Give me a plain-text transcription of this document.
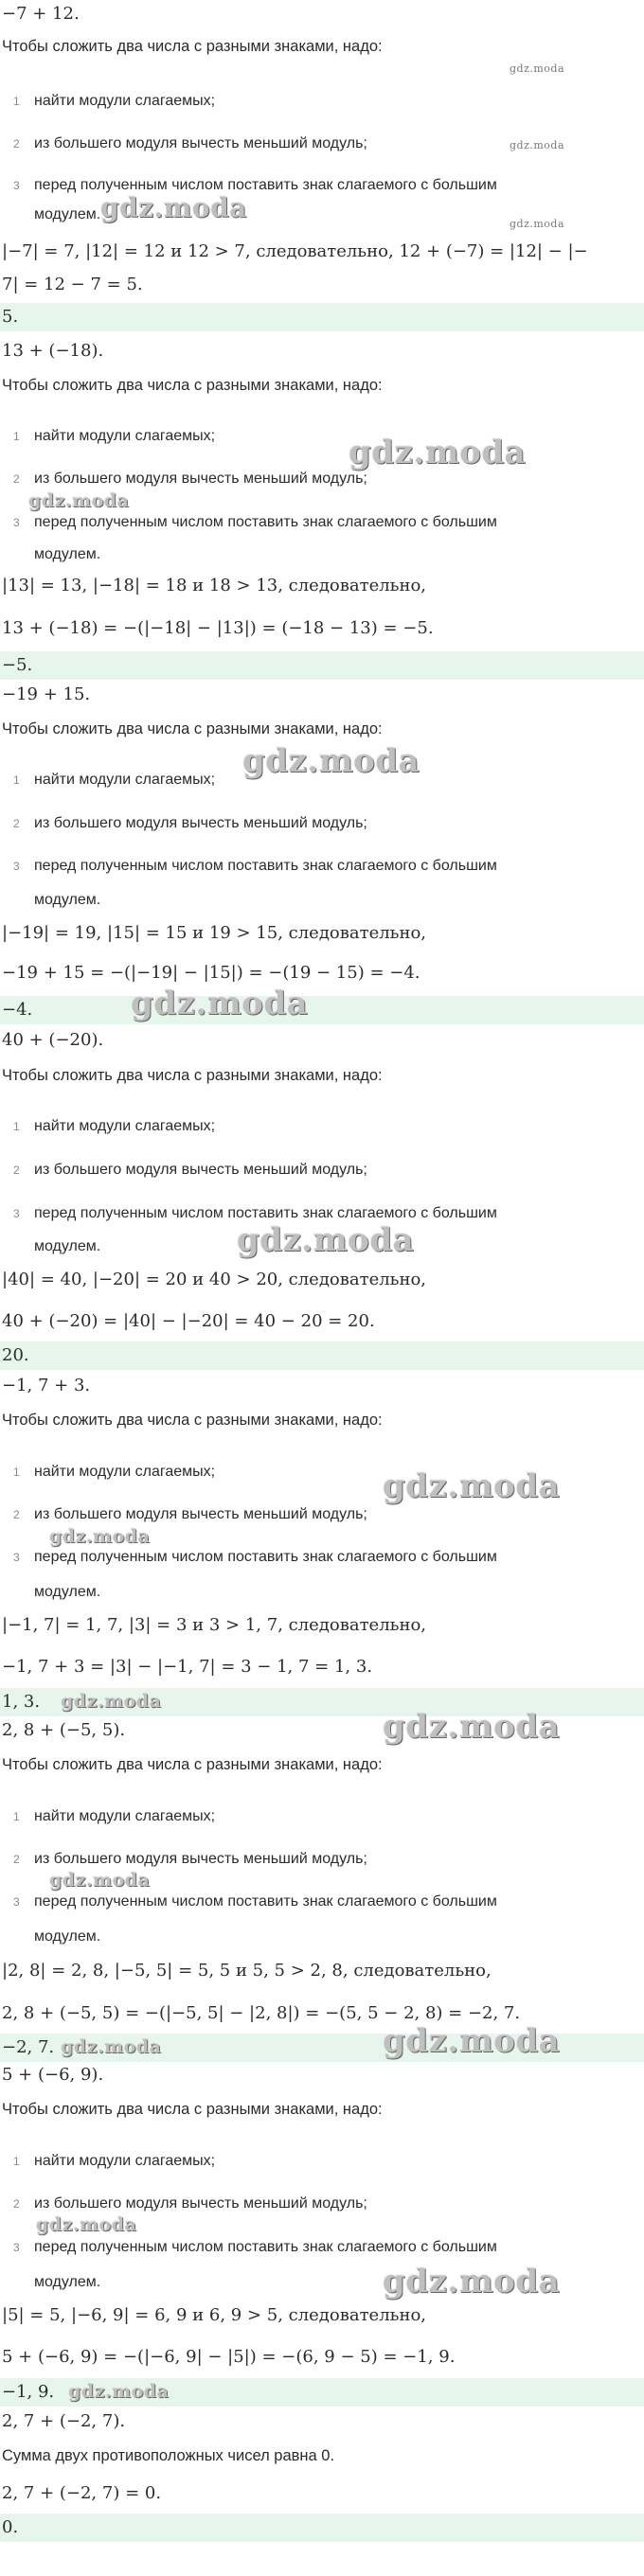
−7 + 12.
Чтобы сложить два числа с разными знаками, надо:
gdz.moda
1 найти модули слагаемых;
2 из большего модуля вычесть меньший модуль;	gdz.moda
3 перед полученным числом поставить знак слагаемого с большим
модулем. gdz.moda
gdz.moda
|−7| = 7, |12| = 12 и 12 > 7, следовательно, 12 + (−7) = |12| − |−
7| = 12 − 7 = 5.
5.
13 + (−18).
Чтобы сложить два числа с разными знаками, надо:
1 найти модули слагаемых;	gdz.moda
2 из большего модуля вычесть меньший модуль;
gdz.moda
3 перед полученным числом поставить знак слагаемого с большим
модулем.
|13| = 13, |−18| = 18 и 18 > 13, следовательно,
13 + (−18) = −(|−18| − |13|) = (−18 − 13) = −5.
−5.
−19 + 15.
Чтобы сложить два числа с разными знаками, надо:
gdz.moda
1 найти модули слагаемых;
2 из большего модуля вычесть меньший модуль;
3 перед полученным числом поставить знак слагаемого с большим
модулем.
|−19| = 19, |15| = 15 и 19 > 15, следовательно,
−19 + 15 = −(|−19| − |15|) = −(19 − 15) = −4.
−4.	gdz.moda
40 + (−20).
Чтобы сложить два числа с разными знаками, надо:
1 найти модули слагаемых;
2 из большего модуля вычесть меньший модуль;
3 перед полученным числом поставить знак слагаемого с большим
gdz.moda
модулем.
|40| = 40, |−20| = 20 и 40 > 20, следовательно,
40 + (−20) = |40| − |−20| = 40 − 20 = 20.
20.
−1, 7 + 3.
Чтобы сложить два числа с разными знаками, надо:
1 найти модули слагаемых;	gdz.moda
2 из большего модуля вычесть меньший модуль;
gdz.moda
3 перед полученным числом поставить знак слагаемого с большим
модулем.
|−1, 7| = 1, 7, |3| = 3 и 3 > 1, 7, следовательно,
−1, 7 + 3 = |3| − |−1, 7| = 3 − 1, 7 = 1, 3.
1, 3.	gdz.moda
2, 8 + (−5, 5).	gdz.moda
Чтобы сложить два числа с разными знаками, надо:
1 найти модули слагаемых;
2 из большего модуля вычесть меньший модуль;
gdz.moda
3 перед полученным числом поставить знак слагаемого с большим
модулем.
|2, 8| = 2, 8, |−5, 5| = 5, 5 и 5, 5 > 2, 8, следовательно,
2, 8 + (−5, 5) = −(|−5, 5| − |2, 8|) = −(5, 5 − 2, 8) = −2, 7.
−2, 7. gdz.moda	gdz.moda
5 + (−6, 9).
Чтобы сложить два числа с разными знаками, надо:
1 найти модули слагаемых;
2 из большего модуля вычесть меньший модуль;
gdz.moda
3 перед полученным числом поставить знак слагаемого с большим
модулем.	gdz.moda
|5| = 5, |−6, 9| = 6, 9 и 6, 9 > 5, следовательно,
5 + (−6, 9) = −(|−6, 9| − |5|) = −(6, 9 − 5) = −1, 9.
−1, 9. gdz.moda
2, 7 + (−2, 7).
Сумма двух противоположных чисел равна 0.
2, 7 + (−2, 7) = 0.
0.
